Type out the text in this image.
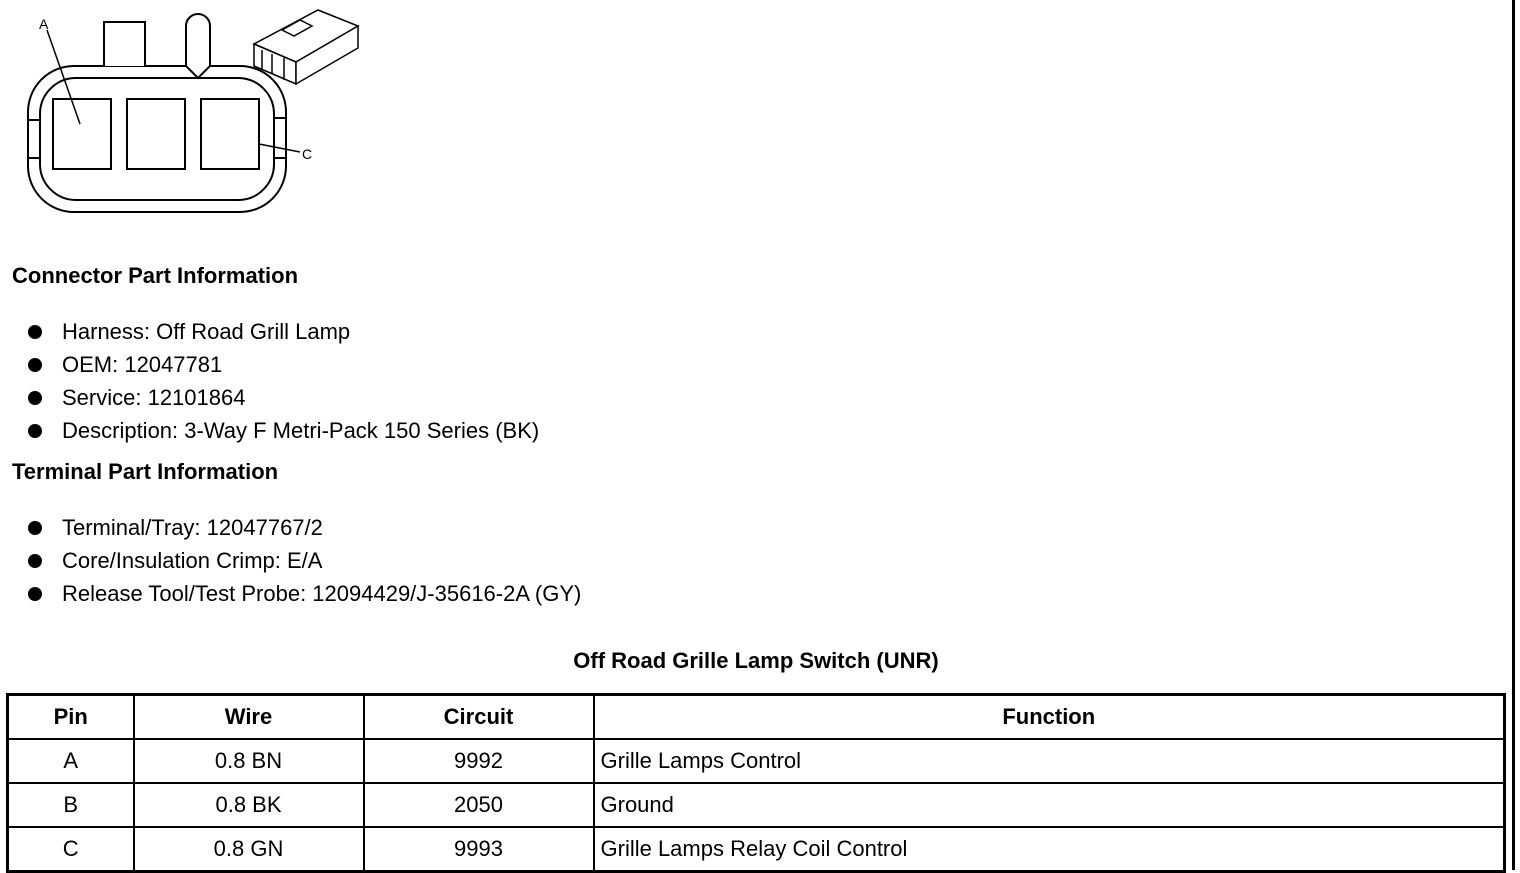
A
C
Connector Part Information
Harness: Off Road Grill Lamp
OEM: 12047781
Service: 12101864
Description: 3-Way F Metri-Pack 150 Series (BK)
Terminal Part Information
Terminal/Tray: 12047767/2
Core/Insulation Crimp: E/A
Release Tool/Test Probe: 12094429/J-35616-2A (GY)
Off Road Grille Lamp Switch (UNR)
Pin	Wire	Circuit	Function
A	0.8 BN	9992	Grille Lamps Control
B	0.8 BK	2050	Ground
C	0.8 GN	9993	Grille Lamps Relay Coil Control
